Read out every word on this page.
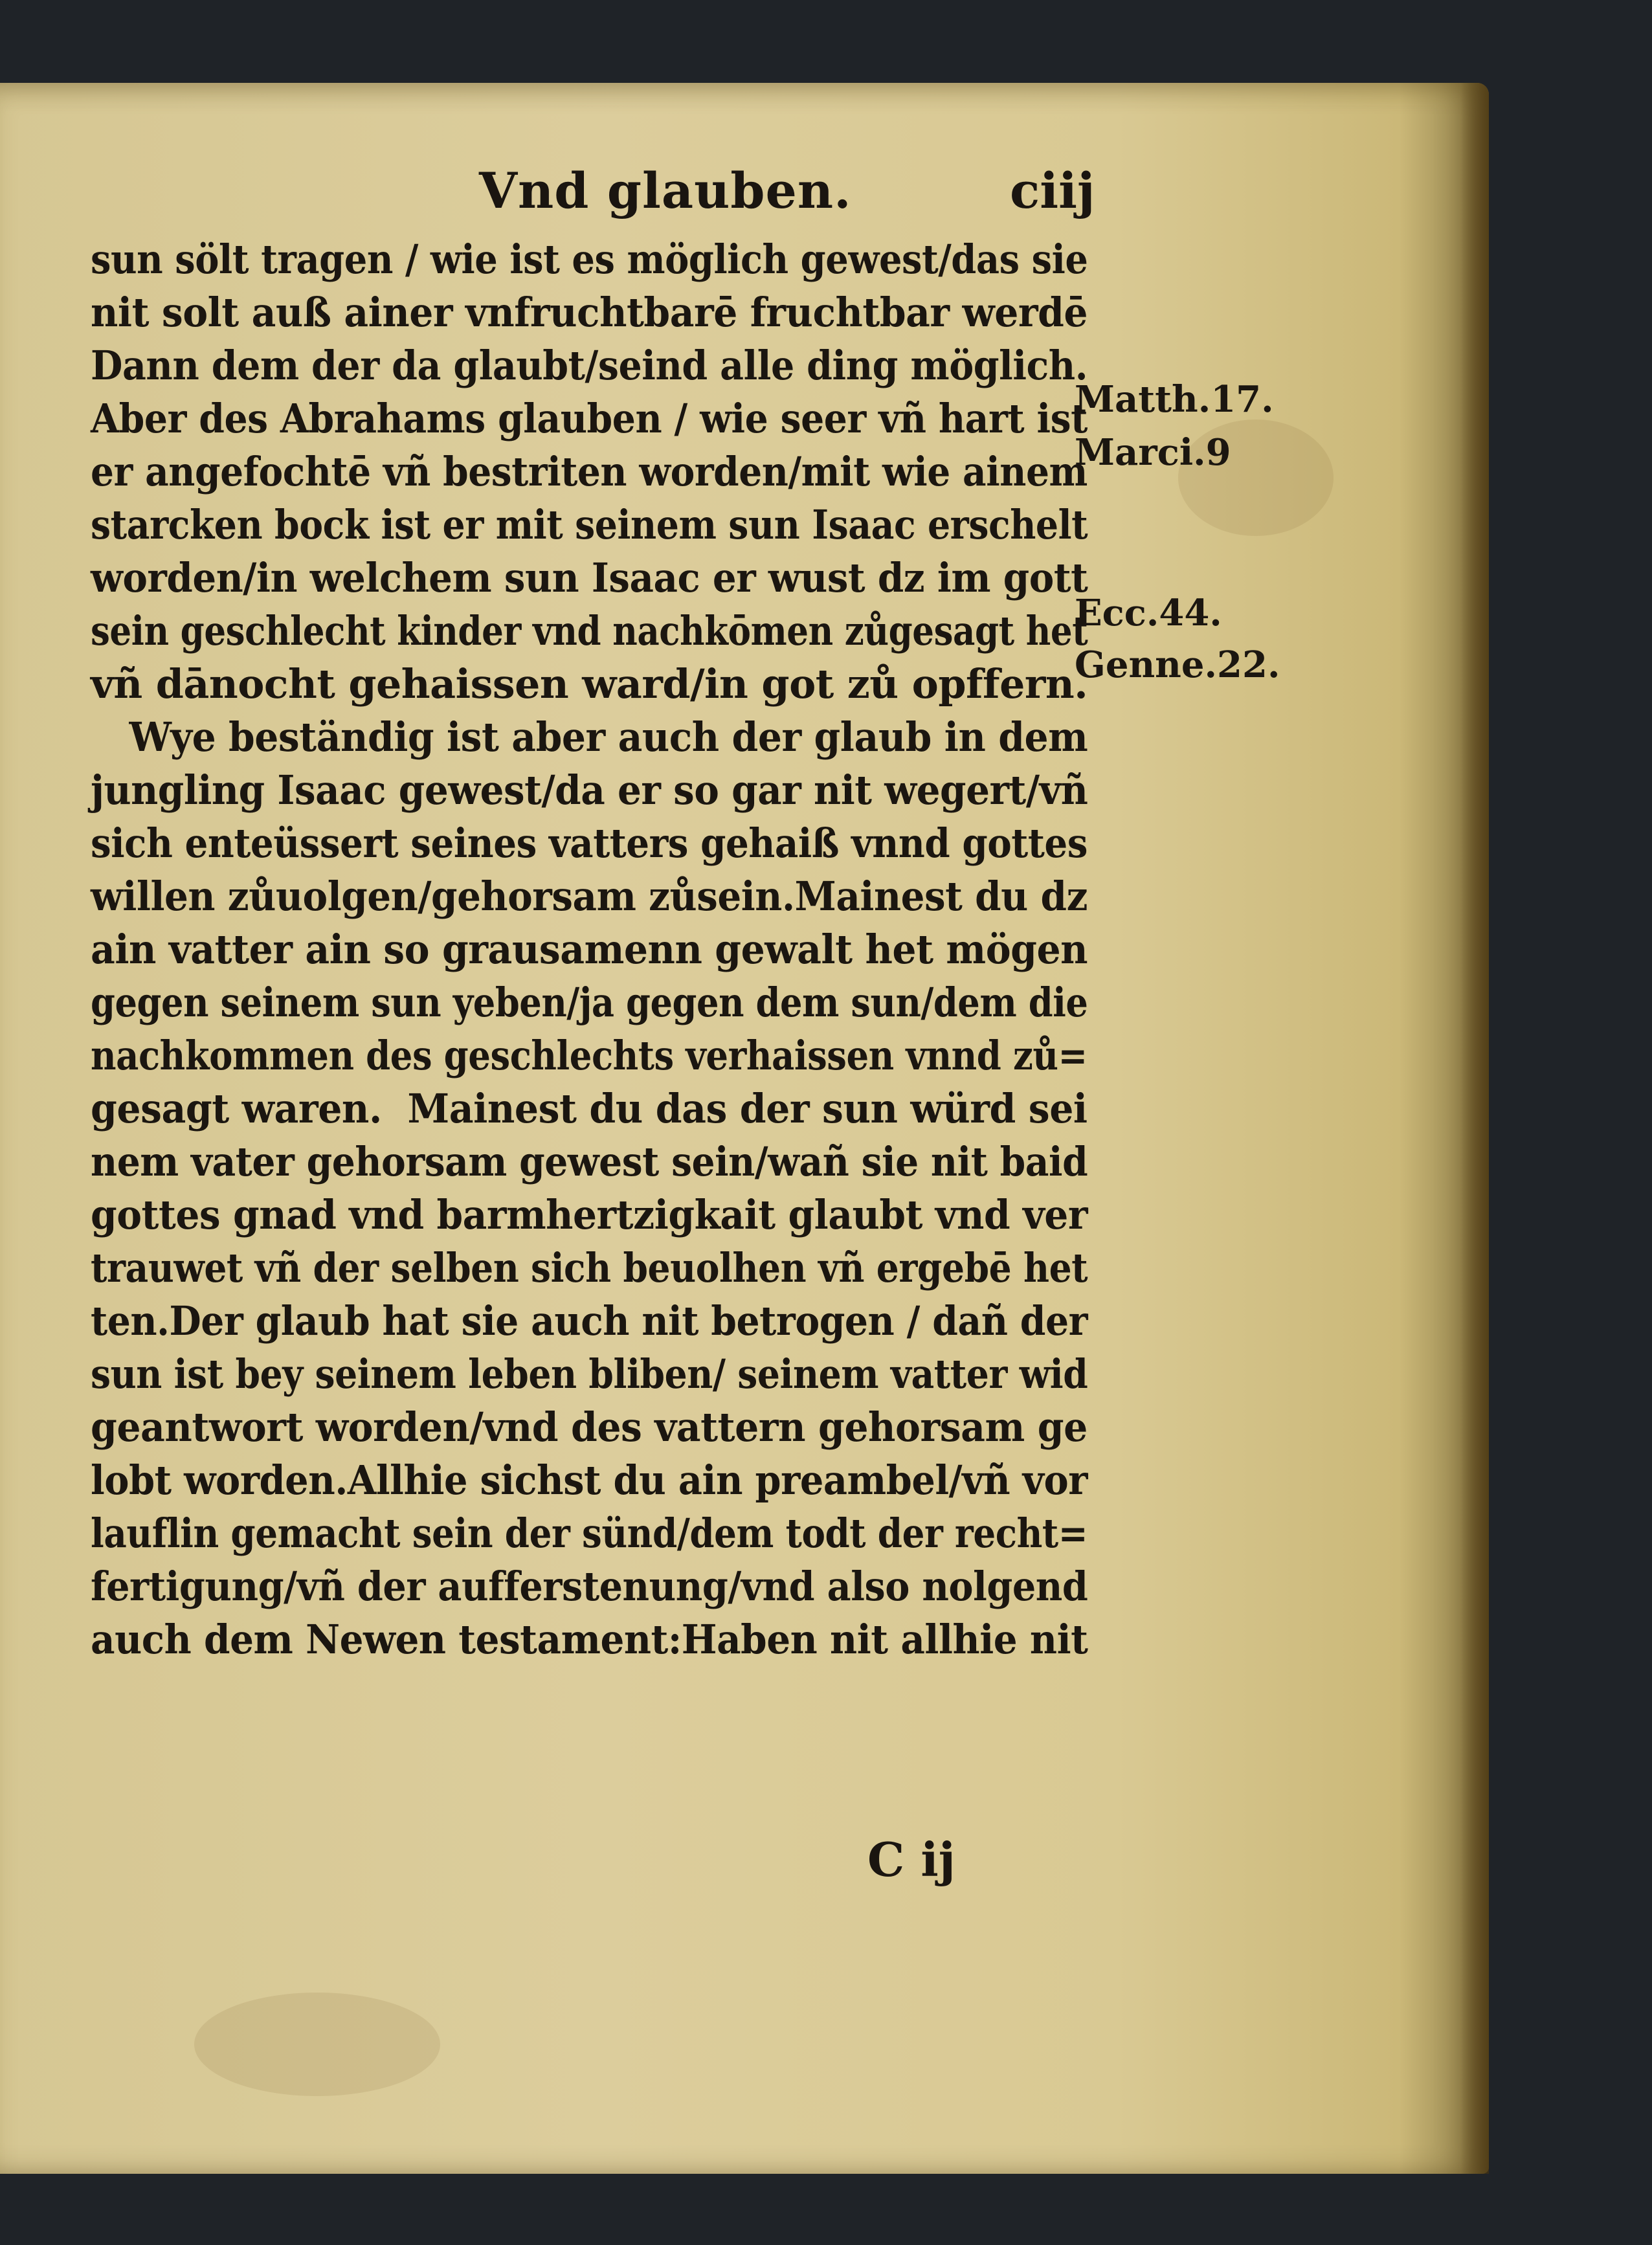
Vnd glauben.	ciij
sun sölt tragen / wie ist es möglich gewest/das sie
nit solt auß ainer vnfruchtbarē fruchtbar werdē
Dann dem der da glaubt/seind alle ding möglich.
Aber des Abrahams glauben / wie seer vñ hart ist
er angefochtē vñ bestriten worden/mit wie ainem
starcken bock ist er mit seinem sun Isaac erschelt
worden/in welchem sun Isaac er wust dz im gott
sein geschlecht kinder vnd nachkōmen zůgesagt het
vñ dānocht gehaissen ward/in got zů opffern.
Wye beständig ist aber auch der glaub in dem
jungling Isaac gewest/da er so gar nit wegert/vñ
sich enteüssert seines vatters gehaiß vnnd gottes
willen zůuolgen/gehorsam zůsein.Mainest du dz
ain vatter ain so grausamenn gewalt het mögen
gegen seinem sun yeben/ja gegen dem sun/dem die
nachkommen des geschlechts verhaissen vnnd zů=
gesagt waren.  Mainest du das der sun würd sei
nem vater gehorsam gewest sein/wañ sie nit baid
gottes gnad vnd barmhertzigkait glaubt vnd ver
trauwet vñ der selben sich beuolhen vñ ergebē het
ten.Der glaub hat sie auch nit betrogen / dañ der
sun ist bey seinem leben bliben/ seinem vatter wid
geantwort worden/vnd des vattern gehorsam ge
lobt worden.Allhie sichst du ain preambel/vñ vor
lauflin gemacht sein der sünd/dem todt der recht=
fertigung/vñ der aufferstenung/vnd also nolgend
auch dem Newen testament:Haben nit allhie nit
Matth.17.
Marci.9
Ecc.44.
Genne.22.
C ij
